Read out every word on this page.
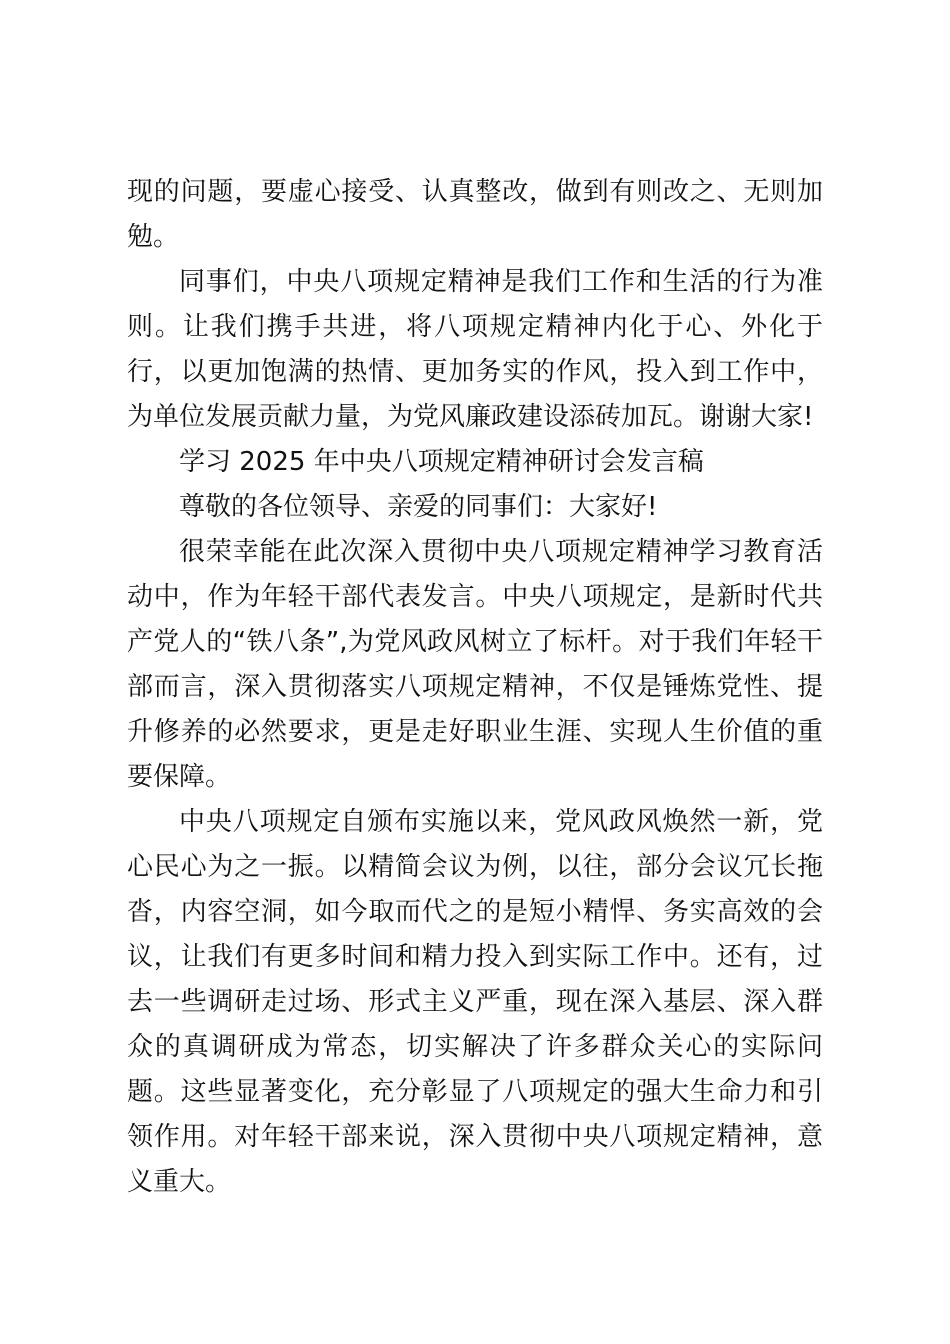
现的问题，要虚心接受、认真整改，做到有则改之、无则加勉。

同事们，中央八项规定精神是我们工作和生活的行为准则。让我们携手共进，将八项规定精神内化于心、外化于行，以更加饱满的热情、更加务实的作风，投入到工作中，为单位发展贡献力量，为党风廉政建设添砖加瓦。谢谢大家!

学习 2025 年中央八项规定精神研讨会发言稿

尊敬的各位领导、亲爱的同事们：大家好!

很荣幸能在此次深入贯彻中央八项规定精神学习教育活动中，作为年轻干部代表发言。中央八项规定，是新时代共产党人的“铁八条”,为党风政风树立了标杆。对于我们年轻干部而言，深入贯彻落实八项规定精神，不仅是锤炼党性、提升修养的必然要求，更是走好职业生涯、实现人生价值的重要保障。

中央八项规定自颁布实施以来，党风政风焕然一新，党心民心为之一振。以精简会议为例，以往，部分会议冗长拖沓，内容空洞，如今取而代之的是短小精悍、务实高效的会议，让我们有更多时间和精力投入到实际工作中。还有，过去一些调研走过场、形式主义严重，现在深入基层、深入群众的真调研成为常态，切实解决了许多群众关心的实际问题。这些显著变化，充分彰显了八项规定的强大生命力和引领作用。对年轻干部来说，深入贯彻中央八项规定精神，意义重大。
